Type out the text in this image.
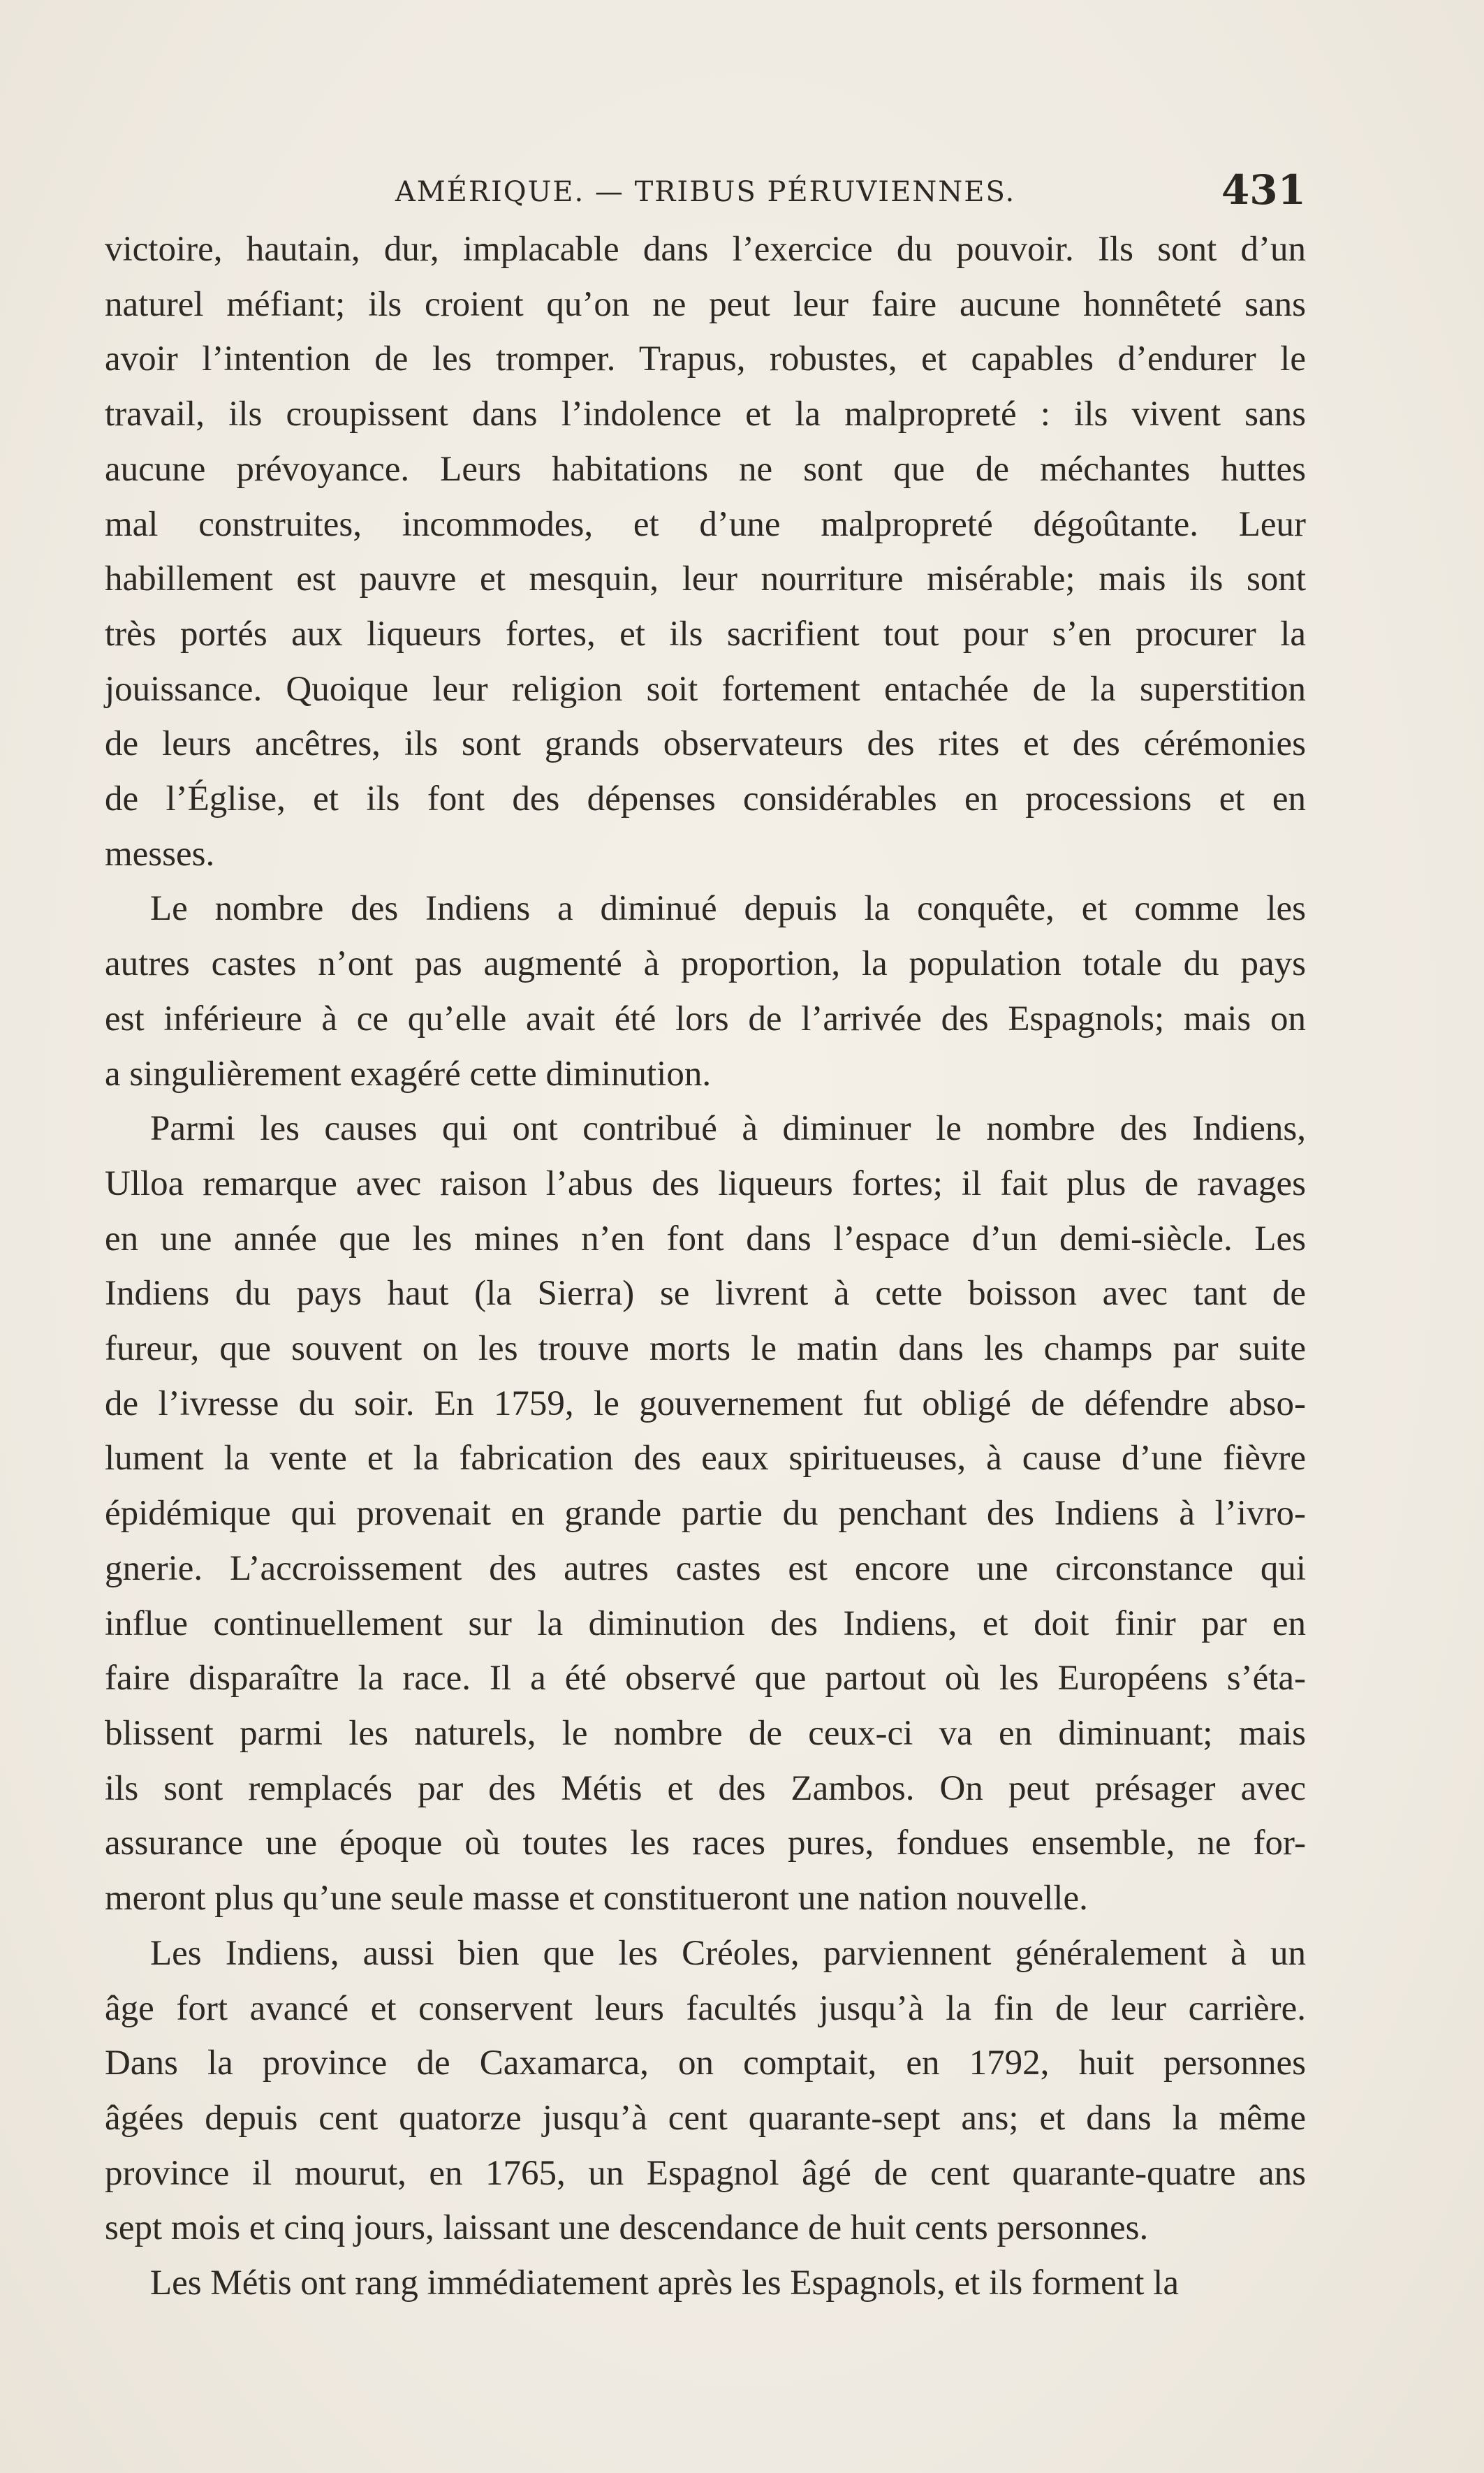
AMÉRIQUE. — TRIBUS PÉRUVIENNES.	431

victoire, hautain, dur, implacable dans l’exercice du pouvoir. Ils sont d’un

naturel méfiant; ils croient qu’on ne peut leur faire aucune honnêteté sans

avoir l’intention de les tromper. Trapus, robustes, et capables d’endurer le

travail, ils croupissent dans l’indolence et la malpropreté : ils vivent sans

aucune prévoyance. Leurs habitations ne sont que de méchantes huttes

mal construites, incommodes, et d’une malpropreté dégoûtante. Leur

habillement est pauvre et mesquin, leur nourriture misérable; mais ils sont

très portés aux liqueurs fortes, et ils sacrifient tout pour s’en procurer la

jouissance. Quoique leur religion soit fortement entachée de la superstition

de leurs ancêtres, ils sont grands observateurs des rites et des cérémonies

de l’Église, et ils font des dépenses considérables en processions et en

messes.

Le nombre des Indiens a diminué depuis la conquête, et comme les

autres castes n’ont pas augmenté à proportion, la population totale du pays

est inférieure à ce qu’elle avait été lors de l’arrivée des Espagnols; mais on

a singulièrement exagéré cette diminution.

Parmi les causes qui ont contribué à diminuer le nombre des Indiens,

Ulloa remarque avec raison l’abus des liqueurs fortes; il fait plus de ravages

en une année que les mines n’en font dans l’espace d’un demi-siècle. Les

Indiens du pays haut (la Sierra) se livrent à cette boisson avec tant de

fureur, que souvent on les trouve morts le matin dans les champs par suite

de l’ivresse du soir. En 1759, le gouvernement fut obligé de défendre abso-

lument la vente et la fabrication des eaux spiritueuses, à cause d’une fièvre

épidémique qui provenait en grande partie du penchant des Indiens à l’ivro-

gnerie. L’accroissement des autres castes est encore une circonstance qui

influe continuellement sur la diminution des Indiens, et doit finir par en

faire disparaître la race. Il a été observé que partout où les Européens s’éta-

blissent parmi les naturels, le nombre de ceux-ci va en diminuant; mais

ils sont remplacés par des Métis et des Zambos. On peut présager avec

assurance une époque où toutes les races pures, fondues ensemble, ne for-

meront plus qu’une seule masse et constitueront une nation nouvelle.

Les Indiens, aussi bien que les Créoles, parviennent généralement à un

âge fort avancé et conservent leurs facultés jusqu’à la fin de leur carrière.

Dans la province de Caxamarca, on comptait, en 1792, huit personnes

âgées depuis cent quatorze jusqu’à cent quarante-sept ans; et dans la même

province il mourut, en 1765, un Espagnol âgé de cent quarante-quatre ans

sept mois et cinq jours, laissant une descendance de huit cents personnes.

Les Métis ont rang immédiatement après les Espagnols, et ils forment la
